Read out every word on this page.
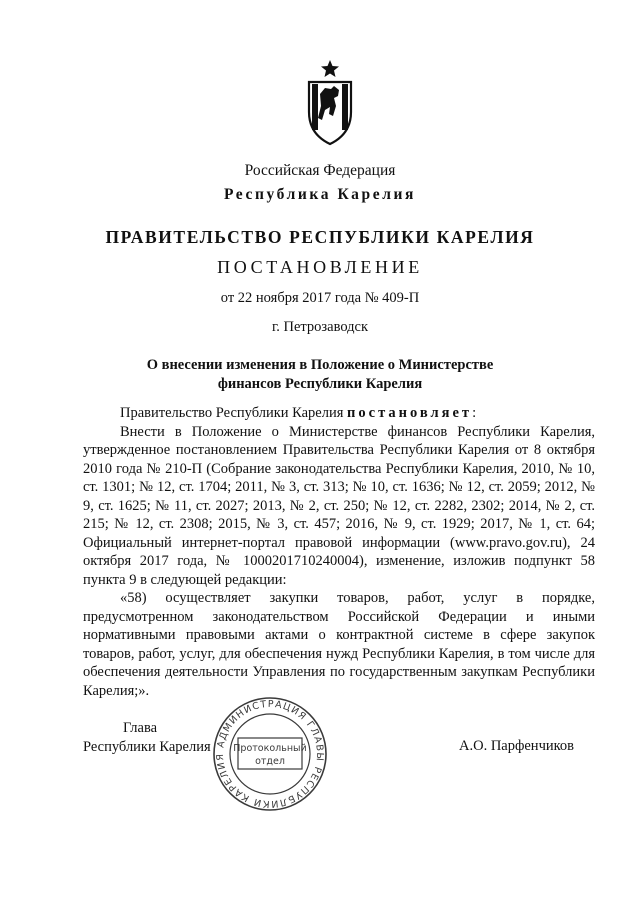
Российская Федерация
Республика Карелия
ПРАВИТЕЛЬСТВО РЕСПУБЛИКИ КАРЕЛИЯ
ПОСТАНОВЛЕНИЕ
от 22 ноября 2017 года № 409-П
г. Петрозаводск
О внесении изменения в Положение о Министерстве
финансов Республики Карелия

Правительство Республики Карелия постановляет:

Внести в Положение о Министерстве финансов Республики Карелия, утвержденное постановлением Правительства Республики Карелия от 8 октября 2010 года № 210-П (Собрание законодательства Республики Карелия, 2010, № 10, ст. 1301; № 12, ст. 1704; 2011, № 3, ст. 313; № 10, ст. 1636; № 12, ст. 2059; 2012, № 9, ст. 1625; № 11, ст. 2027; 2013, № 2, ст. 250; № 12, ст. 2282, 2302; 2014, № 2, ст. 215; № 12, ст. 2308; 2015, № 3, ст. 457; 2016, № 9, ст. 1929; 2017, № 1, ст. 64; Официальный интернет-портал правовой информации (www.pravo.gov.ru), 24 октября 2017 года, № 1000201710240004), изменение, изложив подпункт 58 пункта 9 в следующей редакции:

«58) осуществляет закупки товаров, работ, услуг в порядке, предусмотренном законодательством Российской Федерации и иными нормативными правовыми актами о контрактной системе в сфере закупок товаров, работ, услуг, для обеспечения нужд Республики Карелия, в том числе для обеспечения деятельности Управления по государственным закупкам Республики Карелия;».

Глава
Республики Карелия	А.О. Парфенчиков
АДМИНИСТРАЦИЯ ГЛАВЫ РЕСПУБЛИКИ КАРЕЛИЯ
Протокольный
отдел
